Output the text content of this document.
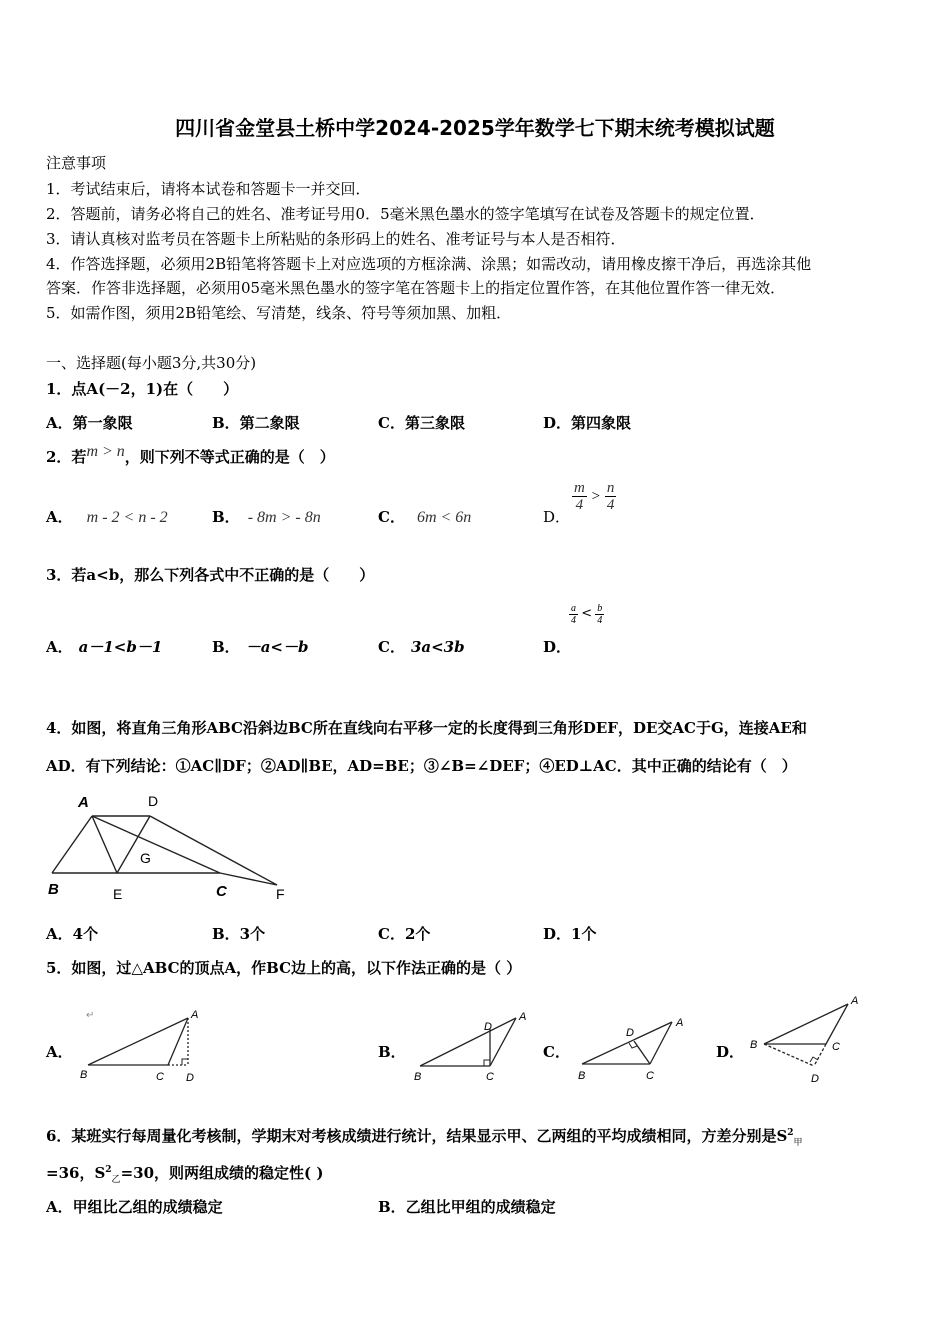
四川省金堂县土桥中学2024-2025学年数学七下期末统考模拟试题
注意事项
1．考试结束后，请将本试卷和答题卡一并交回．
2．答题前，请务必将自己的姓名、准考证号用0．5毫米黑色墨水的签字笔填写在试卷及答题卡的规定位置．
3．请认真核对监考员在答题卡上所粘贴的条形码上的姓名、准考证号与本人是否相符．
4．作答选择题，必须用2B铅笔将答题卡上对应选项的方框涂满、涂黑；如需改动，请用橡皮擦干净后，再选涂其他
答案．作答非选择题，必须用05毫米黑色墨水的签字笔在答题卡上的指定位置作答，在其他位置作答一律无效．
5．如需作图，须用2B铅笔绘、写清楚，线条、符号等须加黑、加粗．
一、选择题(每小题3分,共30分)
1．点A(－2，1)在（　　）
A．第一象限	B．第二象限	C．第三象限	D．第四象限
2．若m > n，则下列不等式正确的是（　）
A． m - 2 < n - 2	B． - 8m > - 8n	C． 6m < 6n	D．
$\frac{m}{4} > \frac{n}{4}$
3．若a<b，那么下列各式中不正确的是（　　）
A． a－1<b－1	B． －a<－b	C． 3a<3b	D．
$\frac{a}{4} < \frac{b}{4}$
4．如图，将直角三角形ABC沿斜边BC所在直线向右平移一定的长度得到三角形DEF，DE交AC于G，连接AE和
AD．有下列结论：①AC∥DF；②AD∥BE，AD=BE；③∠B=∠DEF；④ED⊥AC．其中正确的结论有（　）
A	D
G
B	E	C	F
A．4个	B．3个	C．2个	D．1个
5．如图，过△ABC的顶点A，作BC边上的高，以下作法正确的是（ ）
A．
↵	A
B	C D
B．
A
D
B	C
C．
A
D
B	C
D．
A
B	C
D
6．某班实行每周量化考核制，学期末对考核成绩进行统计，结果显示甲、乙两组的平均成绩相同，方差分别是$S^2_甲$
=36，$S^2_乙=30$，则两组成绩的稳定性( )
A．甲组比乙组的成绩稳定	B．乙组比甲组的成绩稳定
